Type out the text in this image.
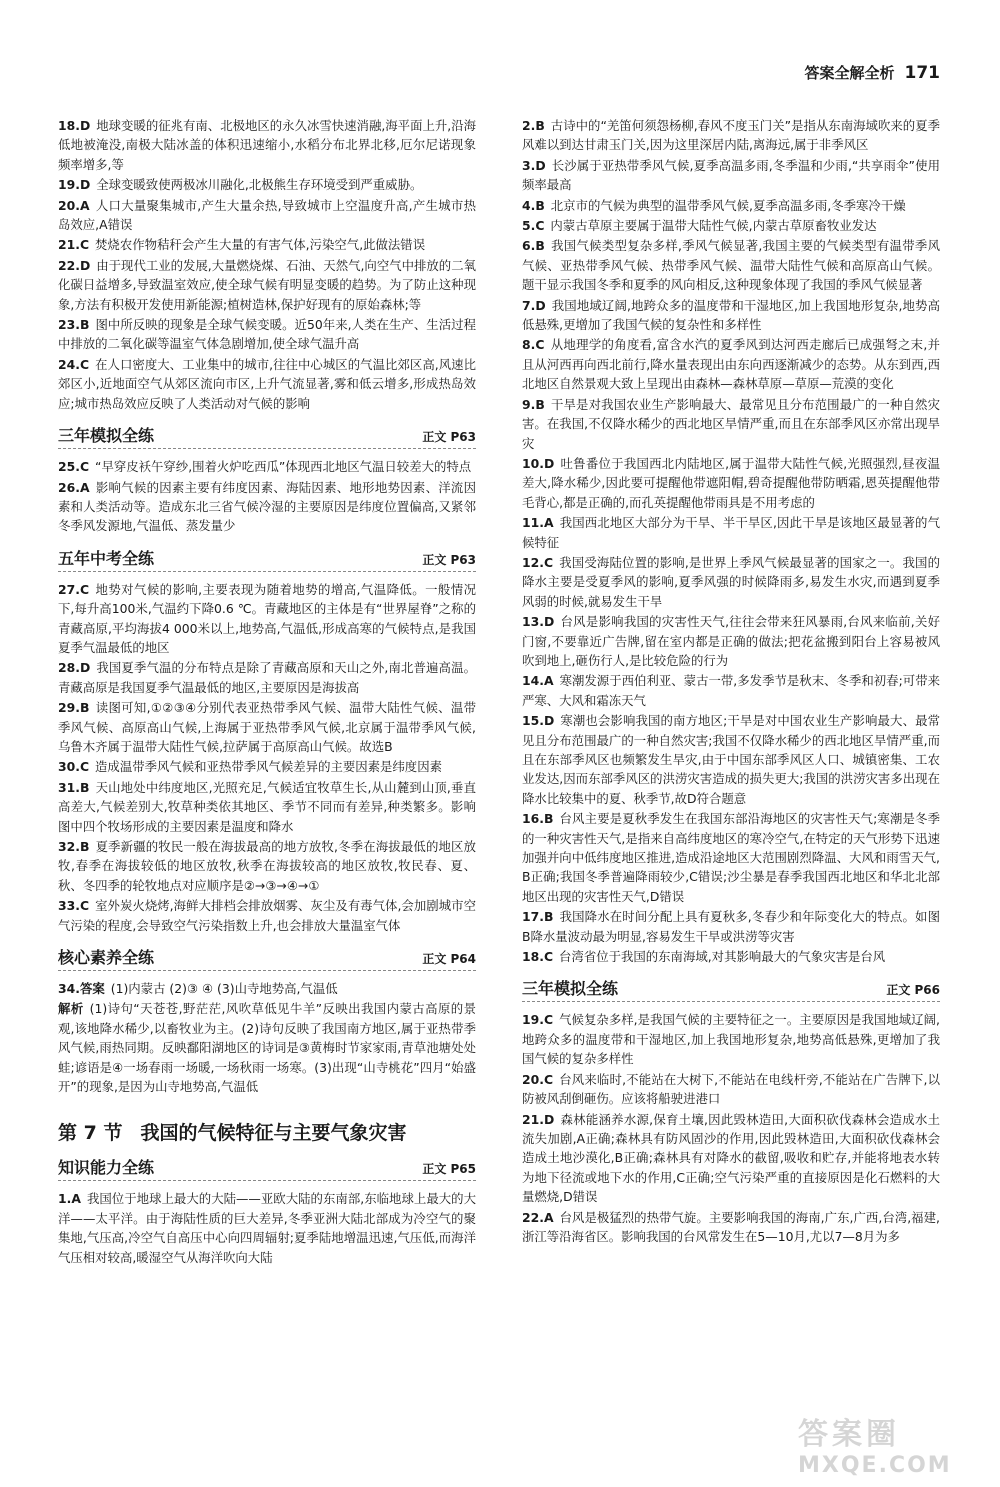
答案全解全析 171

18.D 地球变暖的征兆有南、北极地区的永久冰雪快速消融,海平面上升,沿海低地被淹没,南极大陆冰盖的体积迅速缩小,水稻分布北界北移,厄尔尼诺现象频率增多,等

19.D 全球变暖致使两极冰川融化,北极熊生存环境受到严重威胁。

20.A 人口大量聚集城市,产生大量余热,导致城市上空温度升高,产生城市热岛效应,A错误

21.C 焚烧农作物秸秆会产生大量的有害气体,污染空气,此做法错误

22.D 由于现代工业的发展,大量燃烧煤、石油、天然气,向空气中排放的二氧化碳日益增多,导致温室效应,使全球气候有明显变暖的趋势。为了防止这种现象,方法有积极开发使用新能源;植树造林,保护好现有的原始森林;等

23.B 图中所反映的现象是全球气候变暖。近50年来,人类在生产、生活过程中排放的二氧化碳等温室气体急剧增加,使全球气温升高

24.C 在人口密度大、工业集中的城市,往往中心城区的气温比郊区高,风速比郊区小,近地面空气从郊区流向市区,上升气流显著,雾和低云增多,形成热岛效应;城市热岛效应反映了人类活动对气候的影响

三年模拟全练	正文 P63

25.C “早穿皮袄午穿纱,围着火炉吃西瓜”体现西北地区气温日较差大的特点

26.A 影响气候的因素主要有纬度因素、海陆因素、地形地势因素、洋流因素和人类活动等。造成东北三省气候冷湿的主要原因是纬度位置偏高,又紧邻冬季风发源地,气温低、蒸发量少

五年中考全练	正文 P63

27.C 地势对气候的影响,主要表现为随着地势的增高,气温降低。一般情况下,每升高100米,气温约下降0.6 ℃。青藏地区的主体是有“世界屋脊”之称的青藏高原,平均海拔4 000米以上,地势高,气温低,形成高寒的气候特点,是我国夏季气温最低的地区

28.D 我国夏季气温的分布特点是除了青藏高原和天山之外,南北普遍高温。青藏高原是我国夏季气温最低的地区,主要原因是海拔高

29.B 读图可知,①②③④分别代表亚热带季风气候、温带大陆性气候、温带季风气候、高原高山气候,上海属于亚热带季风气候,北京属于温带季风气候,乌鲁木齐属于温带大陆性气候,拉萨属于高原高山气候。故选B

30.C 造成温带季风气候和亚热带季风气候差异的主要因素是纬度因素

31.B 天山地处中纬度地区,光照充足,气候适宜牧草生长,从山麓到山顶,垂直高差大,气候差别大,牧草种类依其地区、季节不同而有差异,种类繁多。影响图中四个牧场形成的主要因素是温度和降水

32.B 夏季新疆的牧民一般在海拔最高的地方放牧,冬季在海拔最低的地区放牧,春季在海拔较低的地区放牧,秋季在海拔较高的地区放牧,牧民春、夏、秋、冬四季的轮牧地点对应顺序是②→③→④→①

33.C 室外炭火烧烤,海鲜大排档会排放烟雾、灰尘及有毒气体,会加剧城市空气污染的程度,会导致空气污染指数上升,也会排放大量温室气体

核心素养全练	正文 P64

34.答案 (1)内蒙古 (2)③ ④ (3)山寺地势高,气温低

解析 (1)诗句“天苍苍,野茫茫,风吹草低见牛羊”反映出我国内蒙古高原的景观,该地降水稀少,以畜牧业为主。(2)诗句反映了我国南方地区,属于亚热带季风气候,雨热同期。反映鄱阳湖地区的诗词是③黄梅时节家家雨,青草池塘处处蛙;谚语是④一场春雨一场暖,一场秋雨一场寒。(3)出现“山寺桃花”四月“始盛开”的现象,是因为山寺地势高,气温低

第 7 节 我国的气候特征与主要气象灾害
知识能力全练	正文 P65

1.A 我国位于地球上最大的大陆——亚欧大陆的东南部,东临地球上最大的大洋——太平洋。由于海陆性质的巨大差异,冬季亚洲大陆北部成为冷空气的聚集地,气压高,冷空气自高压中心向四周辐射;夏季陆地增温迅速,气压低,而海洋气压相对较高,暖湿空气从海洋吹向大陆

2.B 古诗中的“羌笛何须怨杨柳,春风不度玉门关”是指从东南海域吹来的夏季风难以到达甘肃玉门关,因为这里深居内陆,离海远,属于非季风区

3.D 长沙属于亚热带季风气候,夏季高温多雨,冬季温和少雨,“共享雨伞”使用频率最高

4.B 北京市的气候为典型的温带季风气候,夏季高温多雨,冬季寒冷干燥

5.C 内蒙古草原主要属于温带大陆性气候,内蒙古草原畜牧业发达

6.B 我国气候类型复杂多样,季风气候显著,我国主要的气候类型有温带季风气候、亚热带季风气候、热带季风气候、温带大陆性气候和高原高山气候。题干显示我国冬季和夏季的风向相反,这种现象体现了我国的季风气候显著

7.D 我国地域辽阔,地跨众多的温度带和干湿地区,加上我国地形复杂,地势高低悬殊,更增加了我国气候的复杂性和多样性

8.C 从地理学的角度看,富含水汽的夏季风到达河西走廊后已成强弩之末,并且从河西再向西北前行,降水量表现出由东向西逐渐减少的态势。从东到西,西北地区自然景观大致上呈现出由森林—森林草原—草原—荒漠的变化

9.B 干旱是对我国农业生产影响最大、最常见且分布范围最广的一种自然灾害。在我国,不仅降水稀少的西北地区旱情严重,而且在东部季风区亦常出现旱灾

10.D 吐鲁番位于我国西北内陆地区,属于温带大陆性气候,光照强烈,昼夜温差大,降水稀少,因此要可提醒他带遮阳帽,碧奇提醒他带防晒霜,恩英提醒他带毛背心,都是正确的,而孔英提醒他带雨具是不用考虑的

11.A 我国西北地区大部分为干旱、半干旱区,因此干旱是该地区最显著的气候特征

12.C 我国受海陆位置的影响,是世界上季风气候最显著的国家之一。我国的降水主要是受夏季风的影响,夏季风强的时候降雨多,易发生水灾,而遇到夏季风弱的时候,就易发生干旱

13.D 台风是影响我国的灾害性天气,往往会带来狂风暴雨,台风来临前,关好门窗,不要靠近广告牌,留在室内都是正确的做法;把花盆搬到阳台上容易被风吹到地上,砸伤行人,是比较危险的行为

14.A 寒潮发源于西伯利亚、蒙古一带,多发季节是秋末、冬季和初春;可带来严寒、大风和霜冻天气

15.D 寒潮也会影响我国的南方地区;干旱是对中国农业生产影响最大、最常见且分布范围最广的一种自然灾害;我国不仅降水稀少的西北地区旱情严重,而且在东部季风区也频繁发生旱灾,由于中国东部季风区人口、城镇密集、工农业发达,因而东部季风区的洪涝灾害造成的损失更大;我国的洪涝灾害多出现在降水比较集中的夏、秋季节,故D符合题意

16.B 台风主要是夏秋季发生在我国东部沿海地区的灾害性天气;寒潮是冬季的一种灾害性天气,是指来自高纬度地区的寒冷空气,在特定的天气形势下迅速加强并向中低纬度地区推进,造成沿途地区大范围剧烈降温、大风和雨雪天气,B正确;我国冬季普遍降雨较少,C错误;沙尘暴是春季我国西北地区和华北北部地区出现的灾害性天气,D错误

17.B 我国降水在时间分配上具有夏秋多,冬春少和年际变化大的特点。如图B降水量波动最为明显,容易发生干旱或洪涝等灾害

18.C 台湾省位于我国的东南海域,对其影响最大的气象灾害是台风

三年模拟全练	正文 P66

19.C 气候复杂多样,是我国气候的主要特征之一。主要原因是我国地域辽阔,地跨众多的温度带和干湿地区,加上我国地形复杂,地势高低悬殊,更增加了我国气候的复杂多样性

20.C 台风来临时,不能站在大树下,不能站在电线杆旁,不能站在广告牌下,以防被风刮倒砸伤。应该将船驶进港口

21.D 森林能涵养水源,保育土壤,因此毁林造田,大面积砍伐森林会造成水土流失加剧,A正确;森林具有防风固沙的作用,因此毁林造田,大面积砍伐森林会造成土地沙漠化,B正确;森林具有对降水的截留,吸收和贮存,并能将地表水转为地下径流或地下水的作用,C正确;空气污染严重的直接原因是化石燃料的大量燃烧,D错误

22.A 台风是极猛烈的热带气旋。主要影响我国的海南,广东,广西,台湾,福建,浙江等沿海省区。影响我国的台风常发生在5—10月,尤以7—8月为多

答案圈
MXQE.COM
